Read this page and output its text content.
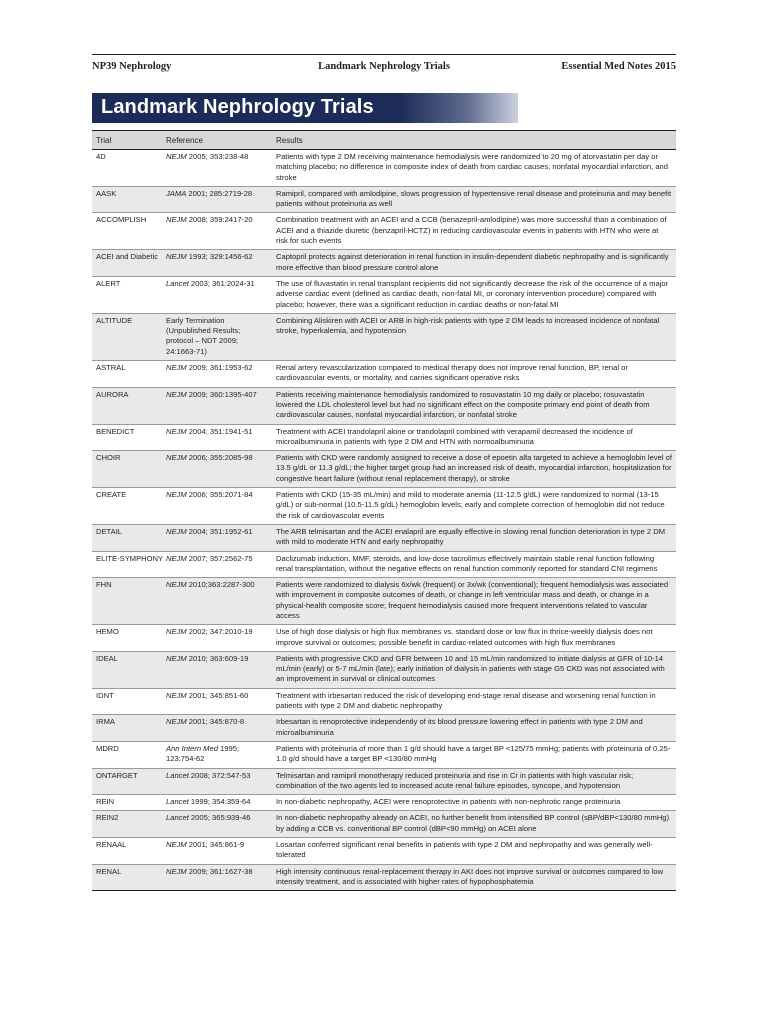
NP39 Nephrology	Landmark Nephrology Trials	Essential Med Notes 2015
Landmark Nephrology Trials
Trial	Reference	Results
4D	NEJM 2005; 353:238-48	Patients with type 2 DM receiving maintenance hemodialysis were randomized to 20 mg of atorvastatin per day or matching placebo; no difference in composite index of death from cardiac causes, nonfatal myocardial infarction, and stroke
AASK	JAMA 2001; 285:2719-28	Ramipril, compared with amlodipine, slows progression of hypertensive renal disease and proteinuria and may benefit patients without proteinuria as well
ACCOMPLISH	NEJM 2008; 359:2417-20	Combination treatment with an ACEI and a CCB (benazepril-amlodipine) was more successful than a combination of ACEI and a thiazide diuretic (benzapril-HCTZ) in reducing cardiovascular events in patients with HTN who were at risk for such events
ACEI and Diabetic	NEJM 1993; 329:1456-62	Captopril protects against deterioration in renal function in insulin-dependent diabetic nephropathy and is significantly more effective than blood pressure control alone
ALERT	Lancet 2003; 361:2024-31	The use of fluvastatin in renal transplant recipients did not significantly decrease the risk of the occurrence of a major adverse cardiac event (defined as cardiac death, non-fatal MI, or coronary intervention procedure) compared with placebo; however, there was a significant reduction in cardiac deaths or non-fatal MI
ALTITUDE	Early Termination (Unpublished Results; protocol – NDT 2009; 24:1663-71)	Combining Aliskiren with ACEI or ARB in high-risk patients with type 2 DM leads to increased incidence of nonfatal stroke, hyperkalemia, and hypotension
ASTRAL	NEJM 2009; 361:1953-62	Renal artery revascularization compared to medical therapy does not improve renal function, BP, renal or cardiovascular events, or mortality, and carries significant operative risks
AURORA	NEJM 2009; 360:1395-407	Patients receiving maintenance hemodialysis randomized to rosuvastatin 10 mg daily or placebo; rosuvastatin lowered the LDL cholesterol level but had no significant effect on the composite primary end point of death from cardiovascular causes, nonfatal myocardial infarction, or nonfatal stroke
BENEDICT	NEJM 2004; 351:1941-51	Treatment with ACEI trandolapril alone or trandolapril combined with verapamil decreased the incidence of microalbuminuria in patients with type 2 DM and HTN with normoalbuminuria
CHOIR	NEJM 2006; 355:2085-98	Patients with CKD were randomly assigned to receive a dose of epoetin alfa targeted to achieve a hemoglobin level of 13.5 g/dL or 11.3 g/dL; the higher target group had an increased risk of death, myocardial infarction, hospitalization for congestive heart failure (without renal replacement therapy), or stroke
CREATE	NEJM 2006; 355:2071-84	Patients with CKD (15-35 mL/min) and mild to moderate anemia (11-12.5 g/dL) were randomized to normal (13-15 g/dL) or sub-normal (10.5-11.5 g/dL) hemoglobin levels; early and complete correction of hemoglobin did not reduce the risk of cardiovascular events
DETAIL	NEJM 2004; 351:1952-61	The ARB telmisartan and the ACEI enalapril are equally effective in slowing renal function deterioration in type 2 DM with mild to moderate HTN and early nephropathy
ELITE-SYMPHONY	NEJM 2007; 357:2562-75	Daclizumab induction, MMF, steroids, and low-dose tacrolimus effectively maintain stable renal function following renal transplantation, without the negative effects on renal function commonly reported for standard CNI regimens
FHN	NEJM 2010;363:2287-300	Patients were randomized to dialysis 6x/wk (frequent) or 3x/wk (conventional); frequent hemodialysis was associated with improvement in composite outcomes of death, or change in left ventricular mass and death, or change in a physical-health composite score; frequent hemodialysis caused more frequent interventions related to vascular access
HEMO	NEJM 2002; 347:2010-19	Use of high dose dialysis or high flux membranes vs. standard dose or low flux in thrice-weekly dialysis does not improve survival or outcomes; possible benefit in cardiac-related outcomes with high flux membranes
IDEAL	NEJM 2010; 363:609-19	Patients with progressive CKD and GFR between 10 and 15 mL/min randomized to initiate dialysis at GFR of 10-14 mL/min (early) or 5-7 mL/min (late); early initiation of dialysis in patients with stage G5 CKD was not associated with an improvement in survival or clinical outcomes
IDNT	NEJM 2001; 345:851-60	Treatment with irbesartan reduced the risk of developing end-stage renal disease and worsening renal function in patients with type 2 DM and diabetic nephropathy
IRMA	NEJM 2001; 345:870-8	Irbesartan is renoprotective independently of its blood pressure lowering effect in patients with type 2 DM and microalbuminuria
MDRD	Ann Intern Med 1995; 123:754-62	Patients with proteinuria of more than 1 g/d should have a target BP <125/75 mmHg; patients with proteinuria of 0.25-1.0 g/d should have a target BP <130/80 mmHg
ONTARGET	Lancet 2008; 372:547-53	Telmisartan and ramipril monotherapy reduced proteinuria and rise in Cr in patients with high vascular risk; combination of the two agents led to increased acute renal failure episodes, syncope, and hypotension
REIN	Lancet 1999; 354:359-64	In non-diabetic nephropathy, ACEI were renoprotective in patients with non-nephrotic range proteinuria
REIN2	Lancet 2005; 365:939-46	In non-diabetic nephropathy already on ACEI, no further benefit from intensified BP control (sBP/dBP<130/80 mmHg) by adding a CCB vs. conventional BP control (dBP<90 mmHg) on ACEI alone
RENAAL	NEJM 2001; 345:861-9	Losartan conferred significant renal benefits in patients with type 2 DM and nephropathy and was generally well-tolerated
RENAL	NEJM 2009; 361:1627-38	High intensity continuous renal-replacement therapy in AKI does not improve survival or outcomes compared to low intensity treatment, and is associated with higher rates of hypophosphatemia
